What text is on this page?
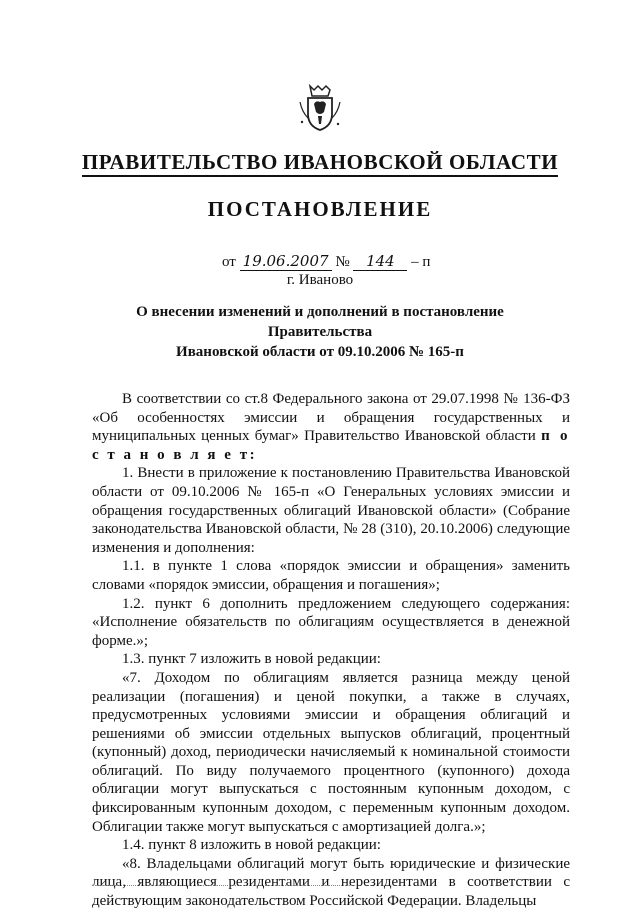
ПРАВИТЕЛЬСТВО ИВАНОВСКОЙ ОБЛАСТИ
ПОСТАНОВЛЕНИЕ
от 19.06.2007 № 144 – п
г. Иваново
О внесении изменений и дополнений в постановление Правительства
Ивановской области от 09.10.2006 № 165-п

В соответствии со ст.8 Федерального закона от 29.07.1998 № 136-ФЗ «Об особенностях эмиссии и обращения государственных и муниципальных ценных бумаг» Правительство Ивановской области п о с т а н о в л я е т:

1. Внести в приложение к постановлению Правительства Ивановской области от 09.10.2006 № 165-п «О Генеральных условиях эмиссии и обращения государственных облигаций Ивановской области» (Собрание законодательства Ивановской области, № 28 (310), 20.10.2006) следующие изменения и дополнения:

1.1. в пункте 1 слова «порядок эмиссии и обращения» заменить словами «порядок эмиссии, обращения и погашения»;

1.2. пункт 6 дополнить предложением следующего содержания: «Исполнение обязательств по облигациям осуществляется в денежной форме.»;

1.3. пункт 7 изложить в новой редакции:

«7. Доходом по облигациям является разница между ценой реализации (погашения) и ценой покупки, а также в случаях, предусмотренных условиями эмиссии и обращения облигаций и решениями об эмиссии отдельных выпусков облигаций, процентный (купонный) доход, периодически начисляемый к номинальной стоимости облигаций. По виду получаемого процентного (купонного) дохода облигации могут выпускаться с постоянным купонным доходом, с фиксированным купонным доходом, с переменным купонным доходом. Облигации также могут выпускаться с амортизацией долга.»;

1.4. пункт 8 изложить в новой редакции:

«8. Владельцами облигаций могут быть юридические и физические лица, являющиеся резидентами и нерезидентами в соответствии с действующим законодательством Российской Федерации. Владельцы
